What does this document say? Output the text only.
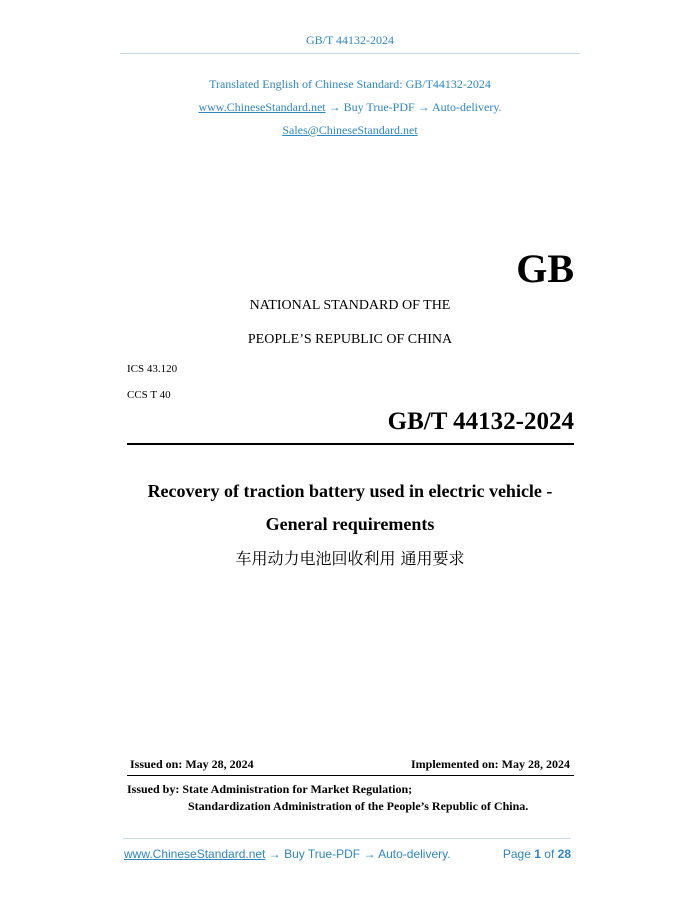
GB/T 44132-2024
Translated English of Chinese Standard: GB/T44132-2024
www.ChineseStandard.net → Buy True-PDF → Auto-delivery.
Sales@ChineseStandard.net
GB
NATIONAL STANDARD OF THE
PEOPLE’S REPUBLIC OF CHINA
ICS 43.120
CCS T 40
GB/T 44132-2024
Recovery of traction battery used in electric vehicle -
General requirements
车用动力电池回收利用 通用要求
Issued on: May 28, 2024	Implemented on: May 28, 2024
Issued by: State Administration for Market Regulation;
Standardization Administration of the People’s Republic of China.
www.ChineseStandard.net → Buy True-PDF → Auto-delivery.	Page 1 of 28
